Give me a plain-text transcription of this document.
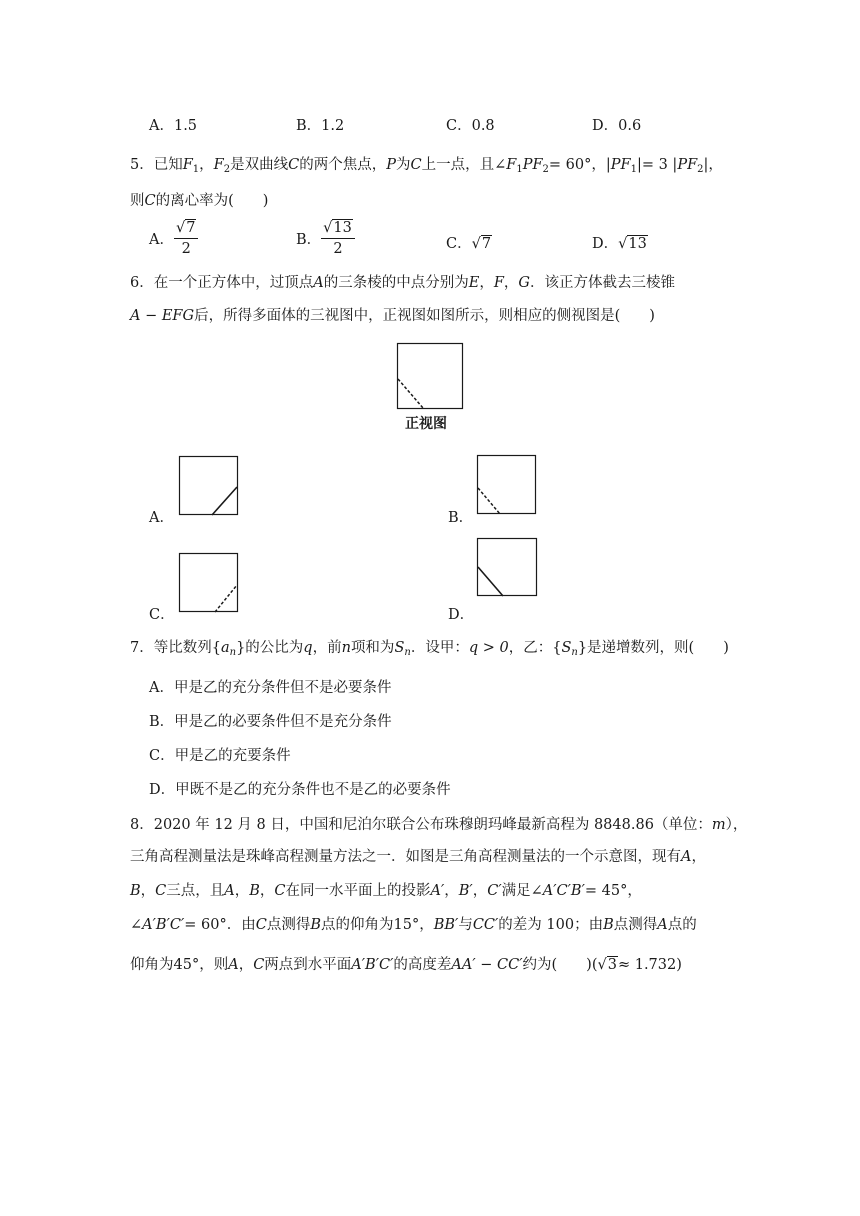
A．1.5	B．1.2	C．0.8	D．0.6
5．已知$F_1$，$F_2$是双曲线C的两个焦点，P为C上一点，且$\angle F_1PF_2= 60^\circ$，$|PF_1|= 3$ $|PF_2|$，
则C的离心率为(　　)
A． $\frac{√7}{2}$	B． $\frac{√13}{2}$	C．√7	D．√13
6．在一个正方体中，过顶点A的三条棱的中点分别为E，F，G．该正方体截去三棱锥
A − EFG后，所得多面体的三视图中，正视图如图所示，则相应的侧视图是(　　)
正视图
A．	B．
C．	D．
7．等比数列$\{a_n\}$的公比为q，前n项和为$S_n$．设甲：q > 0，乙：$\{S_n\}$是递增数列，则(　　)
A．甲是乙的充分条件但不是必要条件
B．甲是乙的必要条件但不是充分条件
C．甲是乙的充要条件
D．甲既不是乙的充分条件也不是乙的必要条件
8．2020 年 12 月 8 日，中国和尼泊尔联合公布珠穆朗玛峰最新高程为 8848.86（单位：m），
三角高程测量法是珠峰高程测量方法之一．如图是三角高程测量法的一个示意图，现有A，
B，C三点，且A，B，C在同一水平面上的投影A′，B′，C′满足∠A′C′B′= 45°，
∠A′B′C′= 60°．由C点测得B点的仰角为15°，BB′与CC′的差为 100；由B点测得A点的
仰角为45°，则A，C两点到水平面A′B′C′的高度差AA′ − CC′约为(　　)(√3≈ 1.732)
